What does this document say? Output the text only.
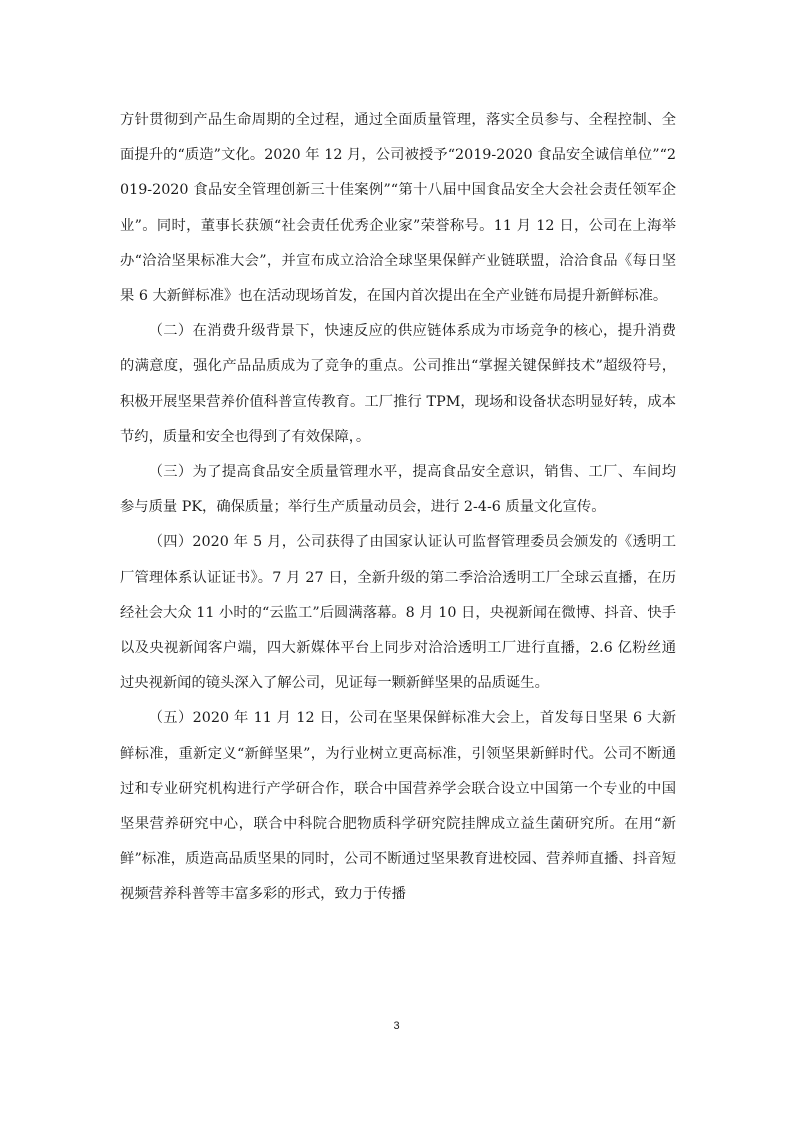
方针贯彻到产品生命周期的全过程，通过全面质量管理，落实全员参与、全程控制、全面提升的“质造”文化。2020 年 12 月，公司被授予“2019-2020 食品安全诚信单位”“2019-2020 食品安全管理创新三十佳案例”“第十八届中国食品安全大会社会责任领军企业”。同时，董事长获颁“社会责任优秀企业家”荣誉称号。11 月 12 日，公司在上海举办“洽洽坚果标准大会”，并宣布成立洽洽全球坚果保鲜产业链联盟，洽洽食品《每日坚果 6 大新鲜标准》也在活动现场首发，在国内首次提出在全产业链布局提升新鲜标准。

（二）在消费升级背景下，快速反应的供应链体系成为市场竞争的核心，提升消费的满意度，强化产品品质成为了竞争的重点。公司推出“掌握关键保鲜技术”超级符号，积极开展坚果营养价值科普宣传教育。工厂推行 TPM，现场和设备状态明显好转，成本节约，质量和安全也得到了有效保障，。

（三）为了提高食品安全质量管理水平，提高食品安全意识，销售、工厂、车间均参与质量 PK，确保质量；举行生产质量动员会，进行 2-4-6 质量文化宣传。

（四）2020 年 5 月，公司获得了由国家认证认可监督管理委员会颁发的《透明工厂管理体系认证证书》。7 月 27 日，全新升级的第二季洽洽透明工厂全球云直播，在历经社会大众 11 小时的“云监工”后圆满落幕。8 月 10 日，央视新闻在微博、抖音、快手以及央视新闻客户端，四大新媒体平台上同步对洽洽透明工厂进行直播，2.6 亿粉丝通过央视新闻的镜头深入了解公司，见证每一颗新鲜坚果的品质诞生。

（五）2020 年 11 月 12 日，公司在坚果保鲜标准大会上，首发每日坚果 6 大新鲜标准，重新定义“新鲜坚果”，为行业树立更高标准，引领坚果新鲜时代。公司不断通过和专业研究机构进行产学研合作，联合中国营养学会联合设立中国第一个专业的中国坚果营养研究中心，联合中科院合肥物质科学研究院挂牌成立益生菌研究所。在用“新鲜”标准，质造高品质坚果的同时，公司不断通过坚果教育进校园、营养师直播、抖音短视频营养科普等丰富多彩的形式，致力于传播

3
